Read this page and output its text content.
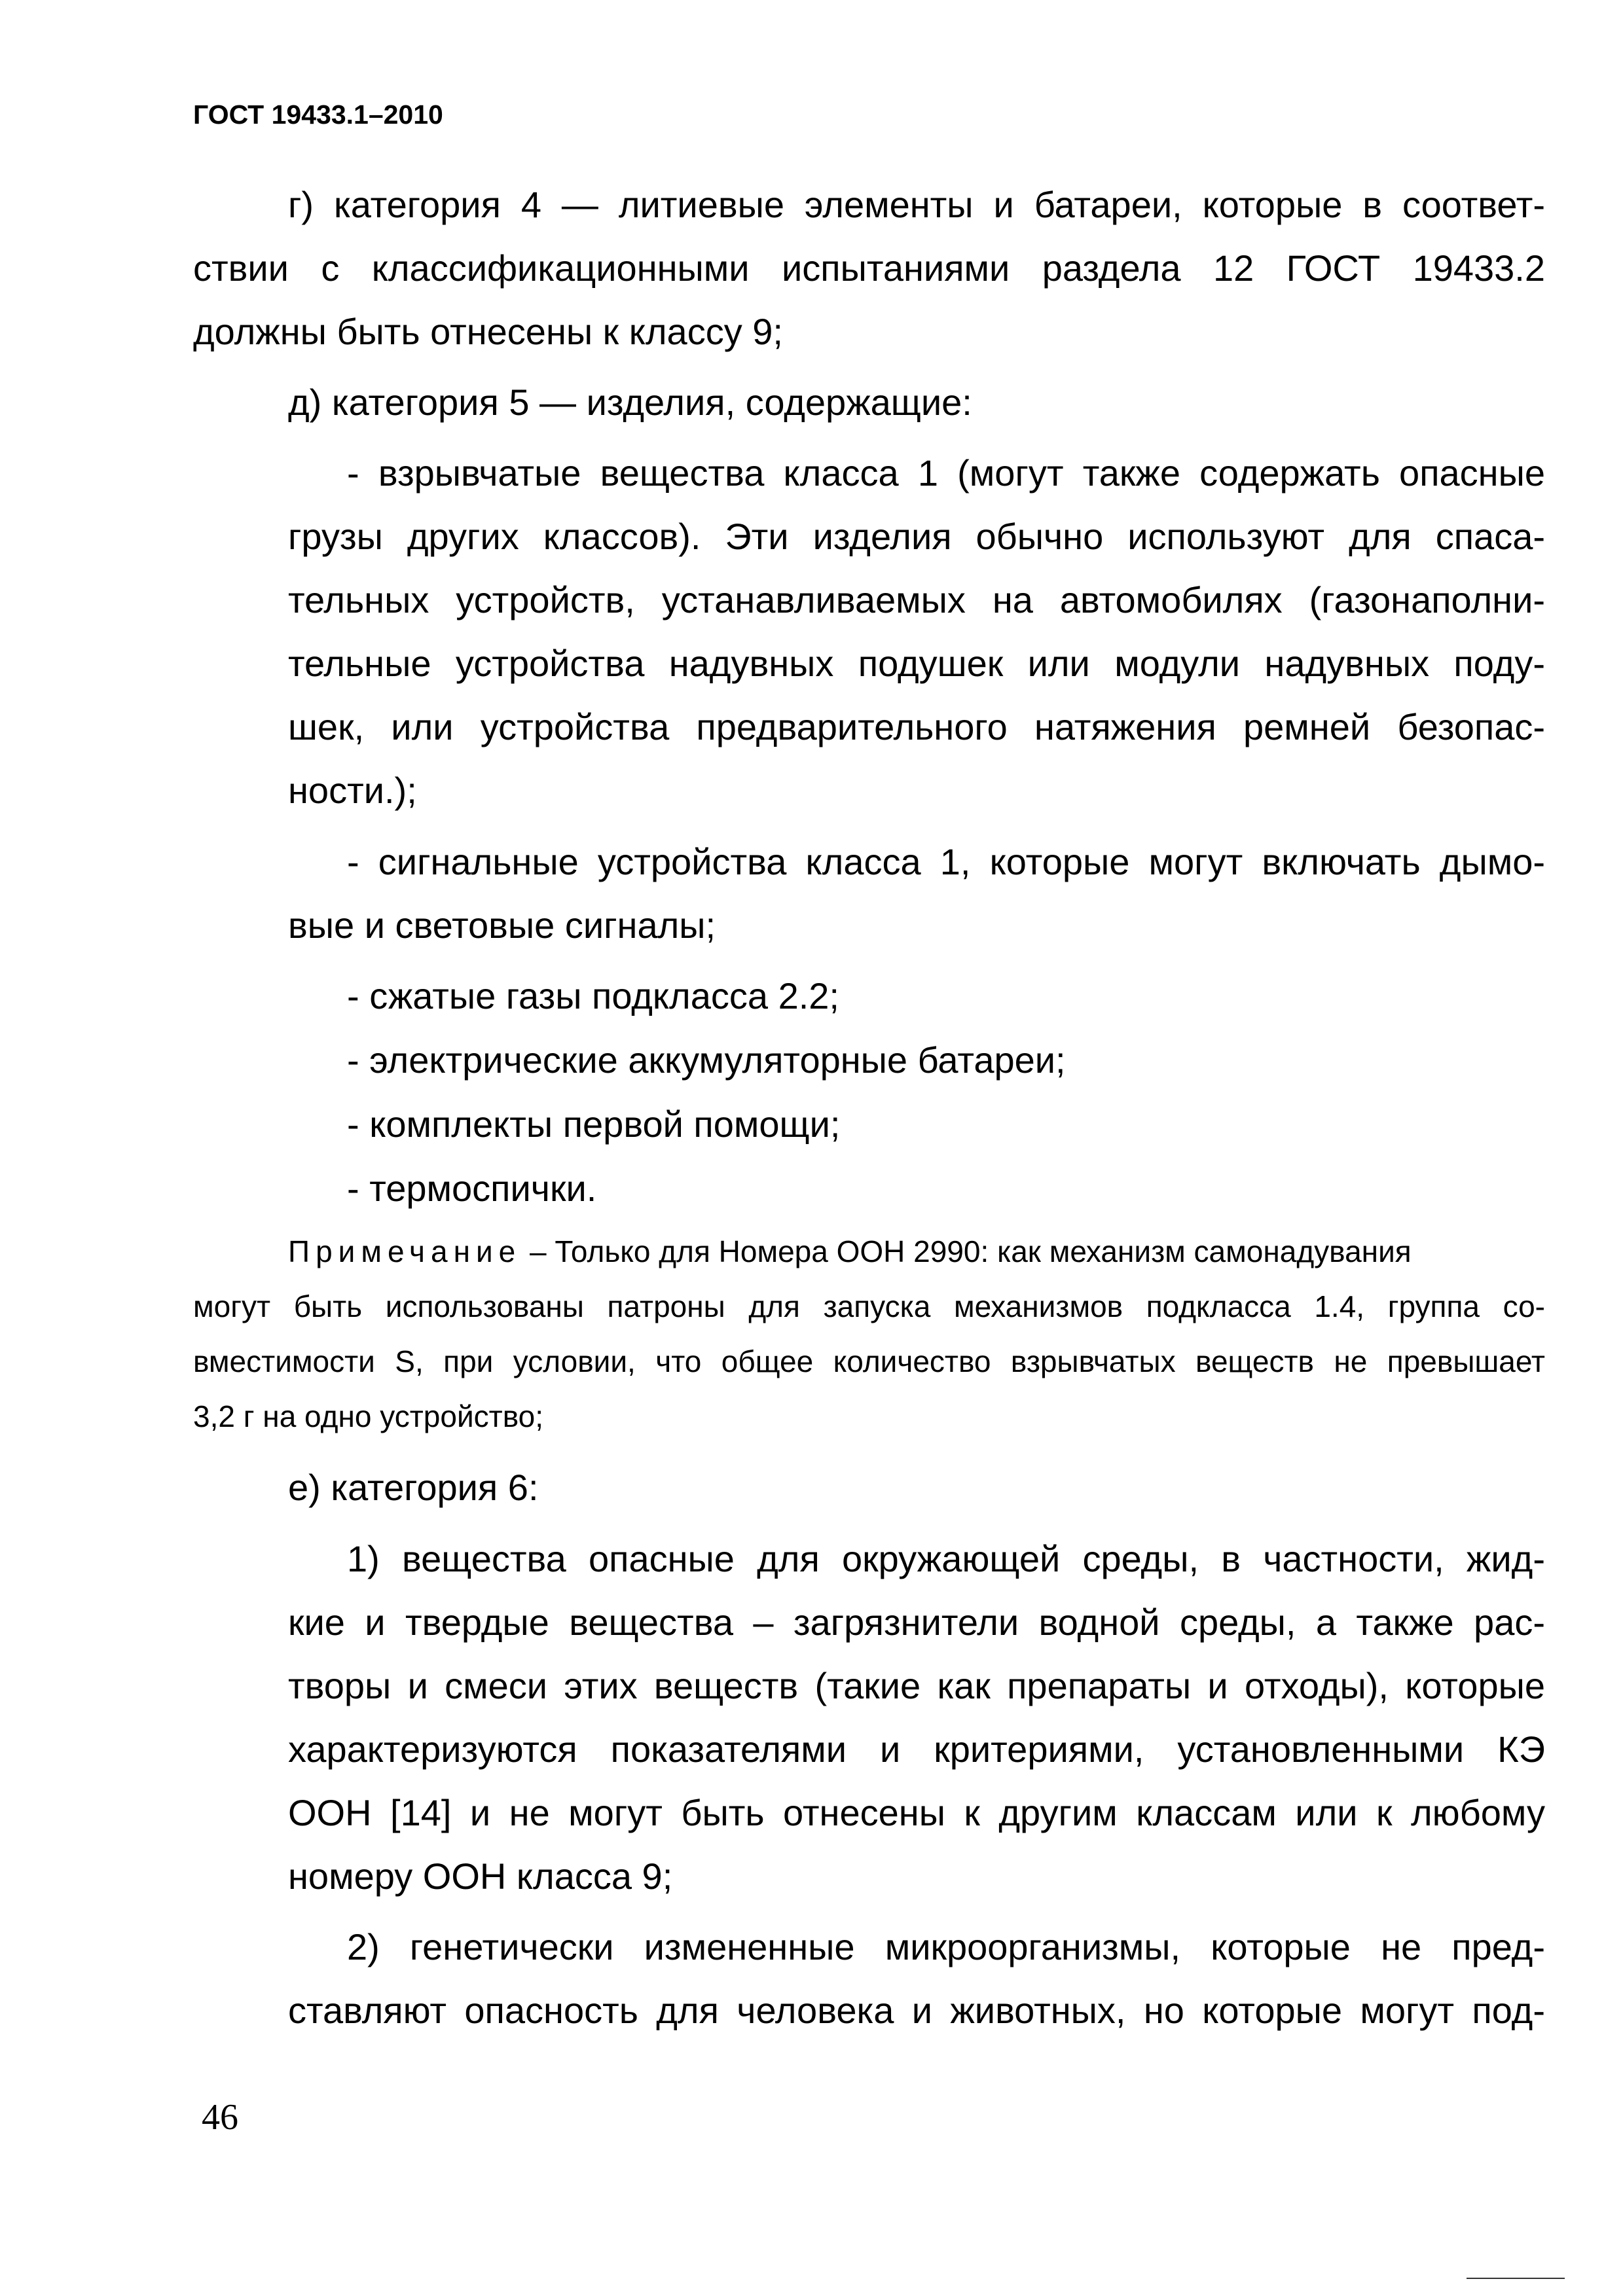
ГОСТ 19433.1–2010
г) категория 4 — литиевые элементы и батареи, которые в соответ-
ствии с классификационными испытаниями раздела 12 ГОСТ 19433.2
должны быть отнесены к классу 9;
д) категория 5 — изделия, содержащие:
- взрывчатые вещества класса 1 (могут также содержать опасные
грузы других классов). Эти изделия обычно используют для спаса-
тельных устройств, устанавливаемых на автомобилях (газонаполни-
тельные устройства надувных подушек или модули надувных поду-
шек, или устройства предварительного натяжения ремней безопас-
ности.);
- сигнальные устройства класса 1, которые могут включать дымо-
вые и световые сигналы;
- сжатые газы подкласса 2.2;
- электрические аккумуляторные батареи;
- комплекты первой помощи;
- термоспички.
Примечание – Только для Номера ООН 2990: как механизм самонадувания
могут быть использованы патроны для запуска механизмов подкласса 1.4, группа со-
вместимости S, при условии, что общее количество взрывчатых веществ не превышает
3,2 г на одно устройство;
е) категория 6:
1) вещества опасные для окружающей среды, в частности, жид-
кие и твердые вещества – загрязнители водной среды, а также рас-
творы и смеси этих веществ (такие как препараты и отходы), которые
характеризуются показателями и критериями, установленными КЭ
ООН [14] и не могут быть отнесены к другим классам или к любому
номеру ООН класса 9;
2) генетически измененные микроорганизмы, которые не пред-
ставляют опасность для человека и животных, но которые могут под-
46
